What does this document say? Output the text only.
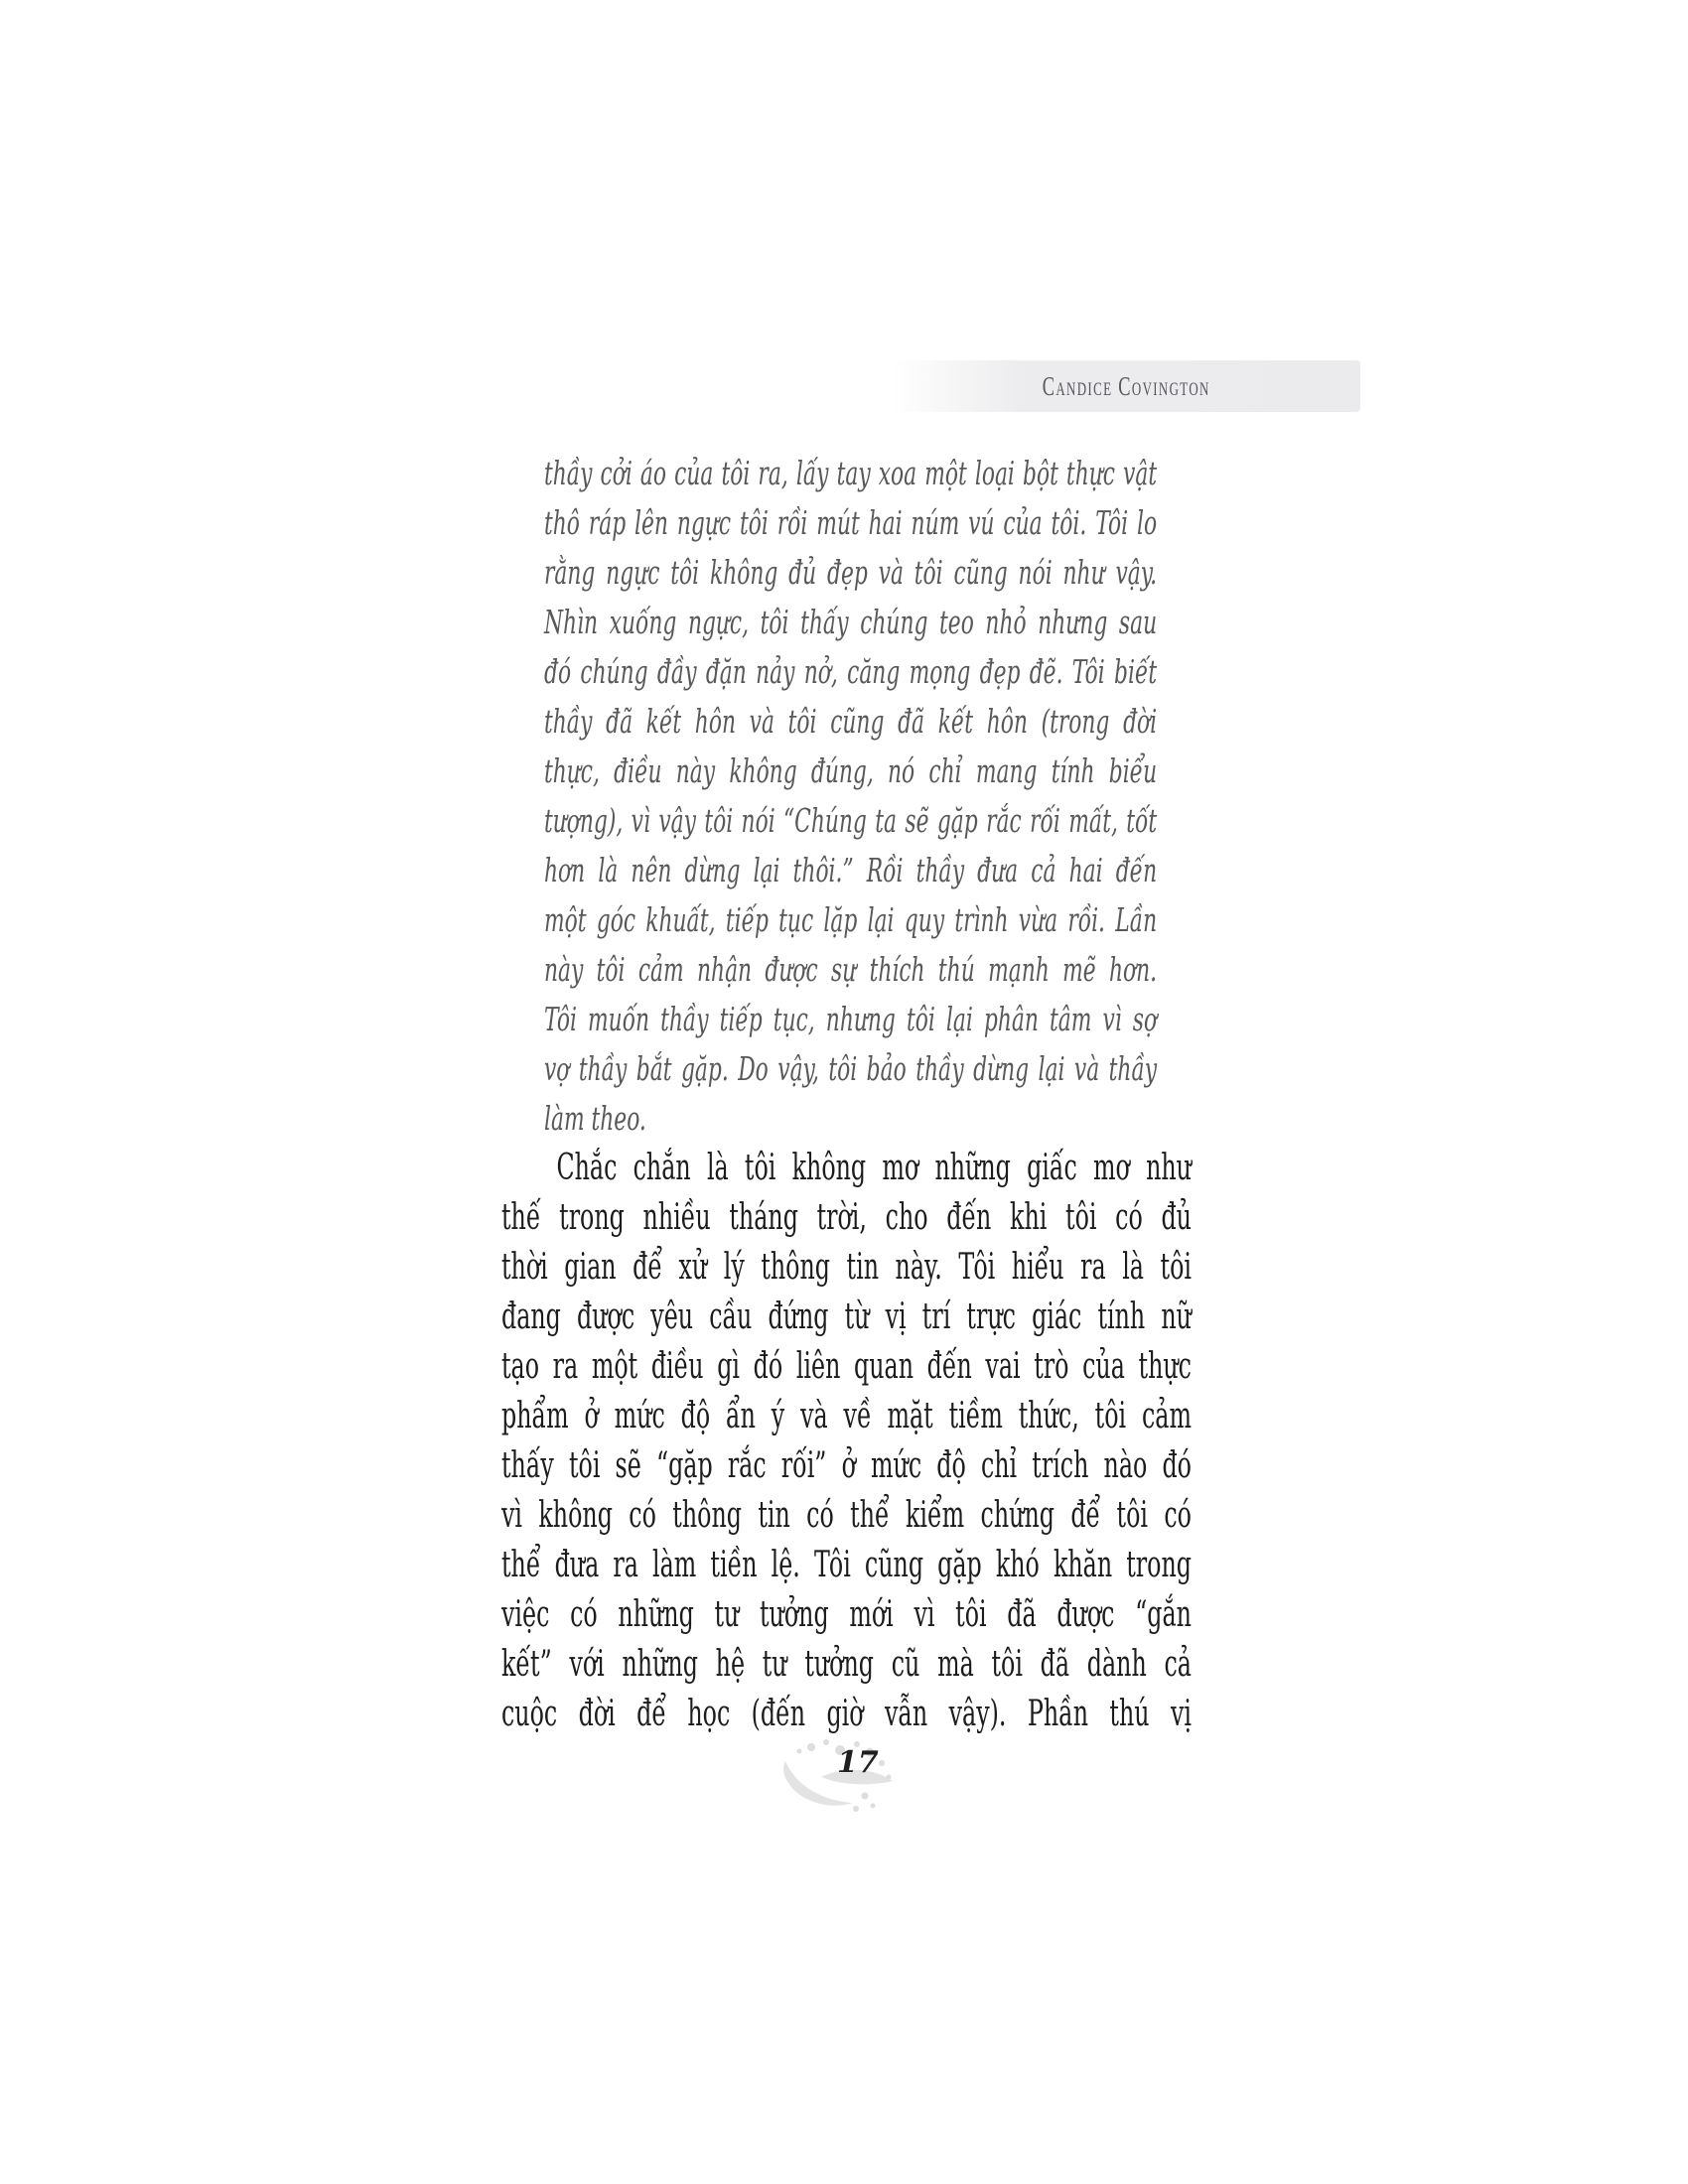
Candice Covington
thầy cởi áo của tôi ra, lấy tay xoa một loại bột thực vật
thô ráp lên ngực tôi rồi mút hai núm vú của tôi. Tôi lo
rằng ngực tôi không đủ đẹp và tôi cũng nói như vậy.
Nhìn xuống ngực, tôi thấy chúng teo nhỏ nhưng sau
đó chúng đầy đặn nảy nở, căng mọng đẹp đẽ. Tôi biết
thầy đã kết hôn và tôi cũng đã kết hôn (trong đời
thực, điều này không đúng, nó chỉ mang tính biểu
tượng), vì vậy tôi nói “Chúng ta sẽ gặp rắc rối mất, tốt
hơn là nên dừng lại thôi.” Rồi thầy đưa cả hai đến
một góc khuất, tiếp tục lặp lại quy trình vừa rồi. Lần
này tôi cảm nhận được sự thích thú mạnh mẽ hơn.
Tôi muốn thầy tiếp tục, nhưng tôi lại phân tâm vì sợ
vợ thầy bắt gặp. Do vậy, tôi bảo thầy dừng lại và thầy
làm theo.
Chắc chắn là tôi không mơ những giấc mơ như
thế trong nhiều tháng trời, cho đến khi tôi có đủ
thời gian để xử lý thông tin này. Tôi hiểu ra là tôi
đang được yêu cầu đứng từ vị trí trực giác tính nữ
tạo ra một điều gì đó liên quan đến vai trò của thực
phẩm ở mức độ ẩn ý và về mặt tiềm thức, tôi cảm
thấy tôi sẽ “gặp rắc rối” ở mức độ chỉ trích nào đó
vì không có thông tin có thể kiểm chứng để tôi có
thể đưa ra làm tiền lệ. Tôi cũng gặp khó khăn trong
việc có những tư tưởng mới vì tôi đã được “gắn
kết” với những hệ tư tưởng cũ mà tôi đã dành cả
cuộc đời để học (đến giờ vẫn vậy). Phần thú vị
17
